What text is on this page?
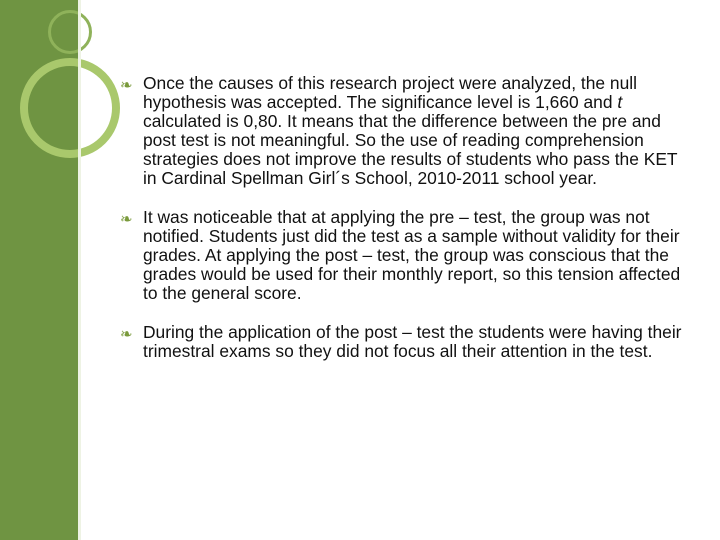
❧ Once the causes of this research project were analyzed, the null hypothesis was accepted. The significance level is 1,660 and t calculated is 0,80. It means that the difference between the pre and post test is not meaningful. So the use of reading comprehension strategies does not improve the results of students who pass the KET in Cardinal Spellman Girl´s School, 2010-2011 school year.

❧ It was noticeable that at applying the pre – test, the group was not notified. Students just did the test as a sample without validity for their grades. At applying the post – test, the group was conscious that the grades would be used for their monthly report, so this tension affected to the general score.

❧ During the application of the post – test the students were having their trimestral exams so they did not focus all their attention in the test.
